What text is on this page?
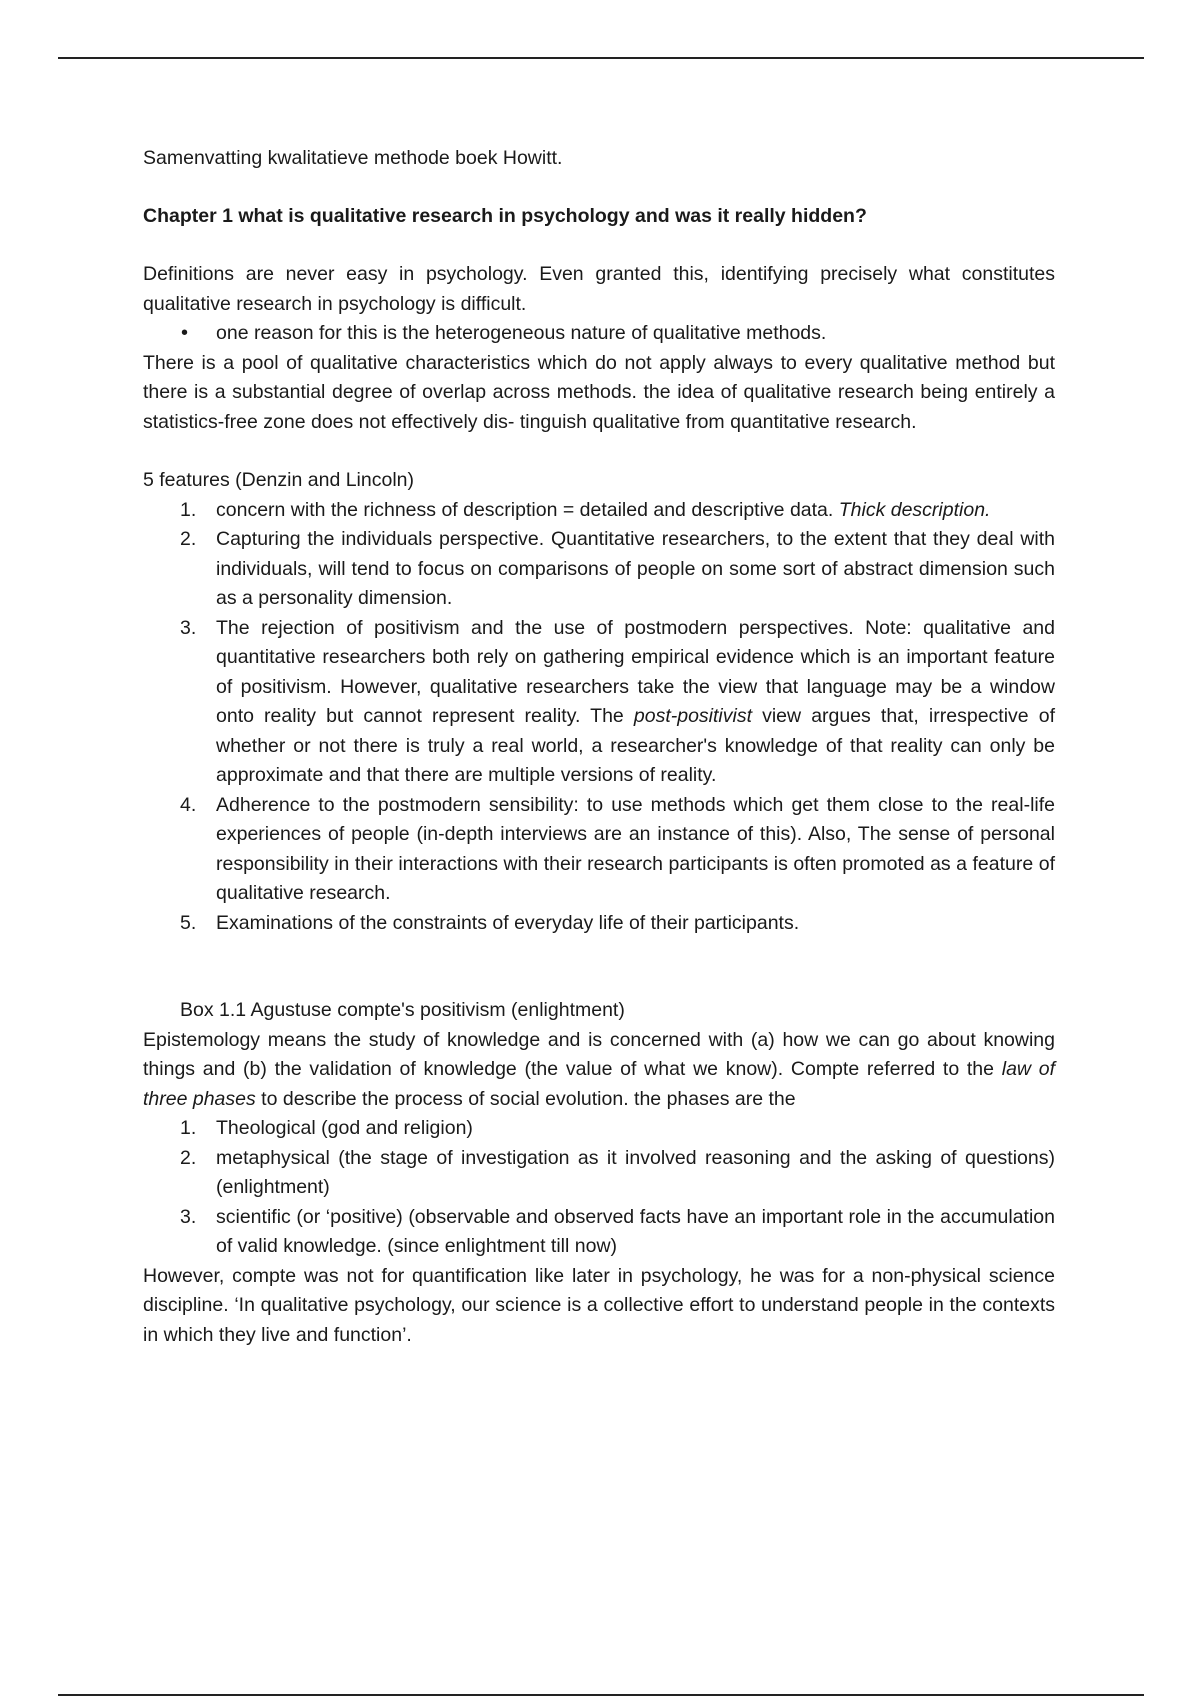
Samenvatting kwalitatieve methode boek Howitt.

Chapter 1 what is qualitative research in psychology and was it really hidden?

Definitions are never easy in psychology. Even granted this, identifying precisely what constitutes qualitative research in psychology is difficult.

• one reason for this is the heterogeneous nature of qualitative methods.

There is a pool of qualitative characteristics which do not apply always to every qualitative method but there is a substantial degree of overlap across methods. the idea of qualitative research being entirely a statistics-free zone does not effectively dis- tinguish qualitative from quantitative research.

5 features (Denzin and Lincoln)

1. concern with the richness of description = detailed and descriptive data. Thick description.
2. Capturing the individuals perspective. Quantitative researchers, to the extent that they deal with individuals, will tend to focus on comparisons of people on some sort of abstract dimension such as a personality dimension.
3. The rejection of positivism and the use of postmodern perspectives. Note: qualitative and quantitative researchers both rely on gathering empirical evidence which is an important feature of positivism. However, qualitative researchers take the view that language may be a window onto reality but cannot represent reality. The post-positivist view argues that, irrespective of whether or not there is truly a real world, a researcher's knowledge of that reality can only be approximate and that there are multiple versions of reality.
4. Adherence to the postmodern sensibility: to use methods which get them close to the real-life experiences of people (in-depth interviews are an instance of this). Also, The sense of personal responsibility in their interactions with their research participants is often promoted as a feature of qualitative research.
5. Examinations of the constraints of everyday life of their participants.

Box 1.1 Agustuse compte's positivism (enlightment)

Epistemology means the study of knowledge and is concerned with (a) how we can go about knowing things and (b) the validation of knowledge (the value of what we know). Compte referred to the law of three phases to describe the process of social evolution. the phases are the

1. Theological (god and religion)
2. metaphysical (the stage of investigation as it involved reasoning and the asking of questions) (enlightment)
3. scientific (or ‘positive) (observable and observed facts have an important role in the accumulation of valid knowledge. (since enlightment till now)

However, compte was not for quantification like later in psychology, he was for a non-physical science discipline. ‘In qualitative psychology, our science is a collective effort to understand people in the contexts in which they live and function’.
